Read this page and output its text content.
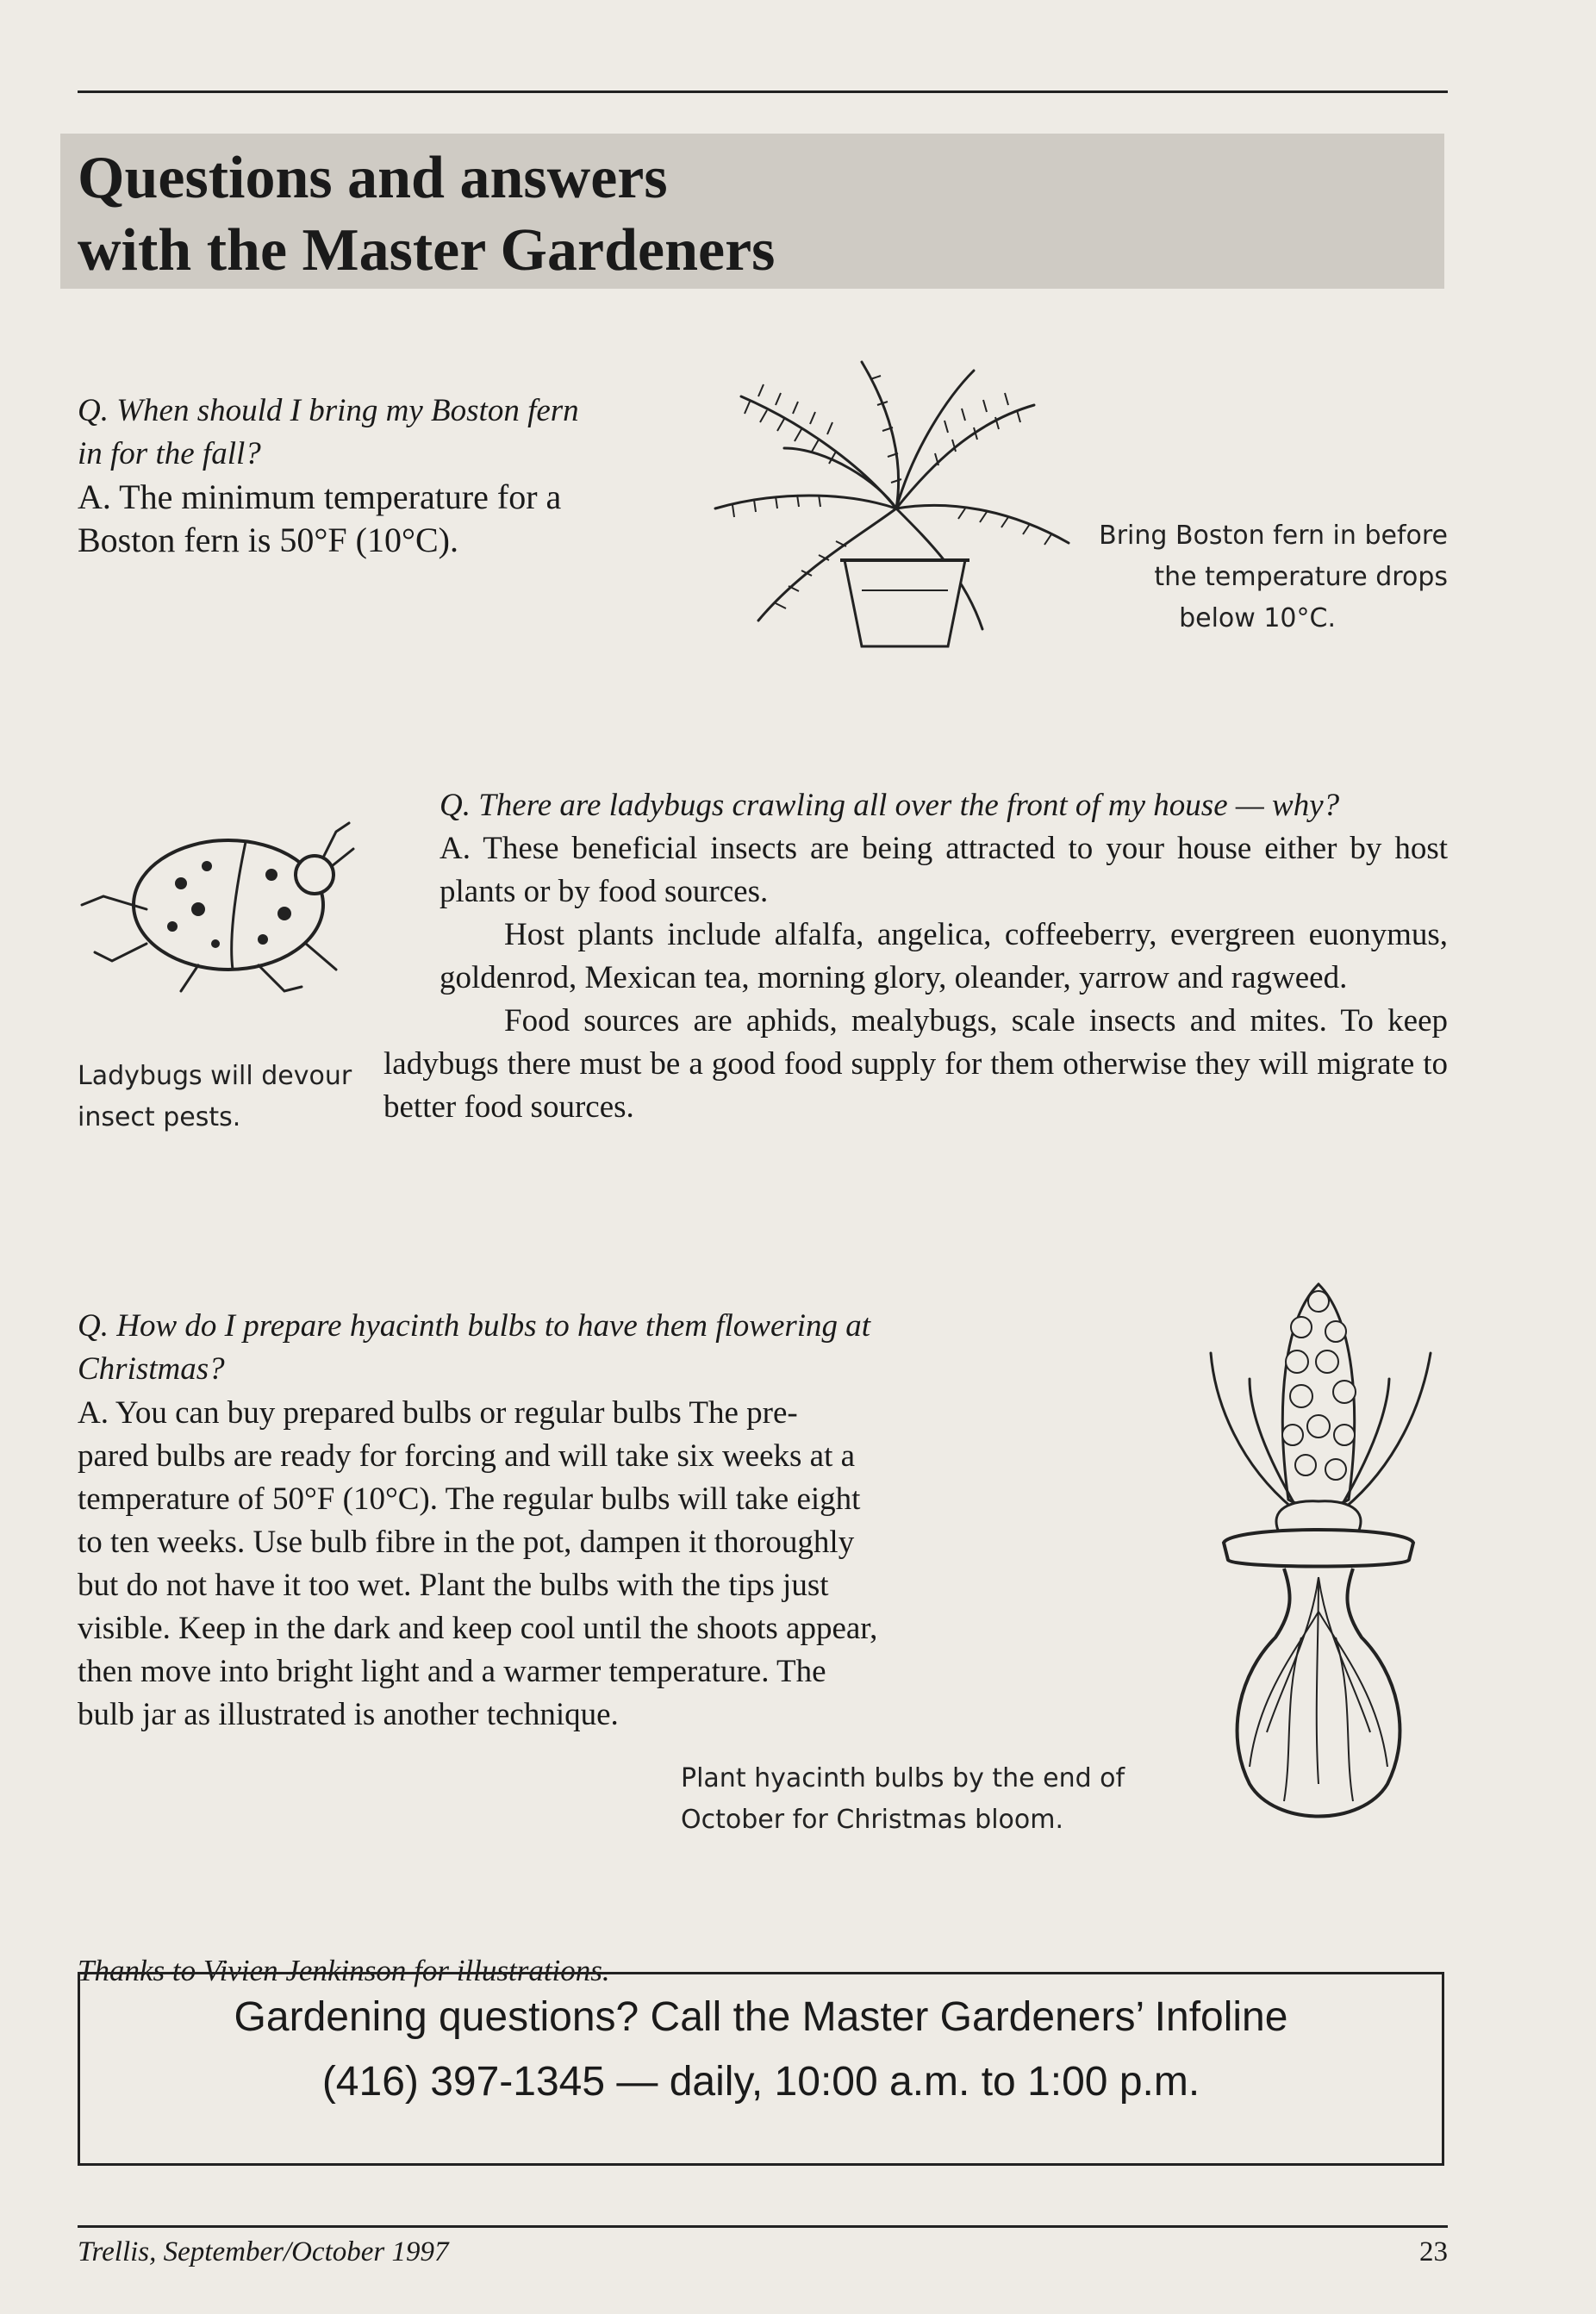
Questions and answers
with the Master Gardeners

Q. When should I bring my Boston fern

in for the fall?

A. The minimum temperature for a

Boston fern is 50°F (10°C).	Bring Boston fern in before
the temperature drops
below 10°C.
Ladybugs will devour
insect pests.

Q. There are ladybugs crawling all over the front of my house — why?

A. These beneficial insects are being attracted to your house either by host plants or by food sources.

Host plants include alfalfa, angelica, coffeeberry, evergreen euonymus, goldenrod, Mexican tea, morning glory, oleander, yarrow and ragweed.

Food sources are aphids, mealybugs, scale insects and mites. To keep ladybugs there must be a good food supply for them otherwise they will migrate to better food sources.

Q. How do I prepare hyacinth bulbs to have them flowering at

Christmas?

A. You can buy prepared bulbs or regular bulbs The pre-

pared bulbs are ready for forcing and will take six weeks at a

temperature of 50°F (10°C). The regular bulbs will take eight

to ten weeks. Use bulb fibre in the pot, dampen it thoroughly

but do not have it too wet. Plant the bulbs with the tips just

visible. Keep in the dark and keep cool until the shoots appear,

then move into bright light and a warmer temperature. The

bulb jar as illustrated is another technique.

Plant hyacinth bulbs by the end of
October for Christmas bloom.
Thanks to Vivien Jenkinson for illustrations.
Gardening questions? Call the Master Gardeners’ Infoline
(416) 397-1345 — daily, 10:00 a.m. to 1:00 p.m.
Trellis, September/October 1997	23
